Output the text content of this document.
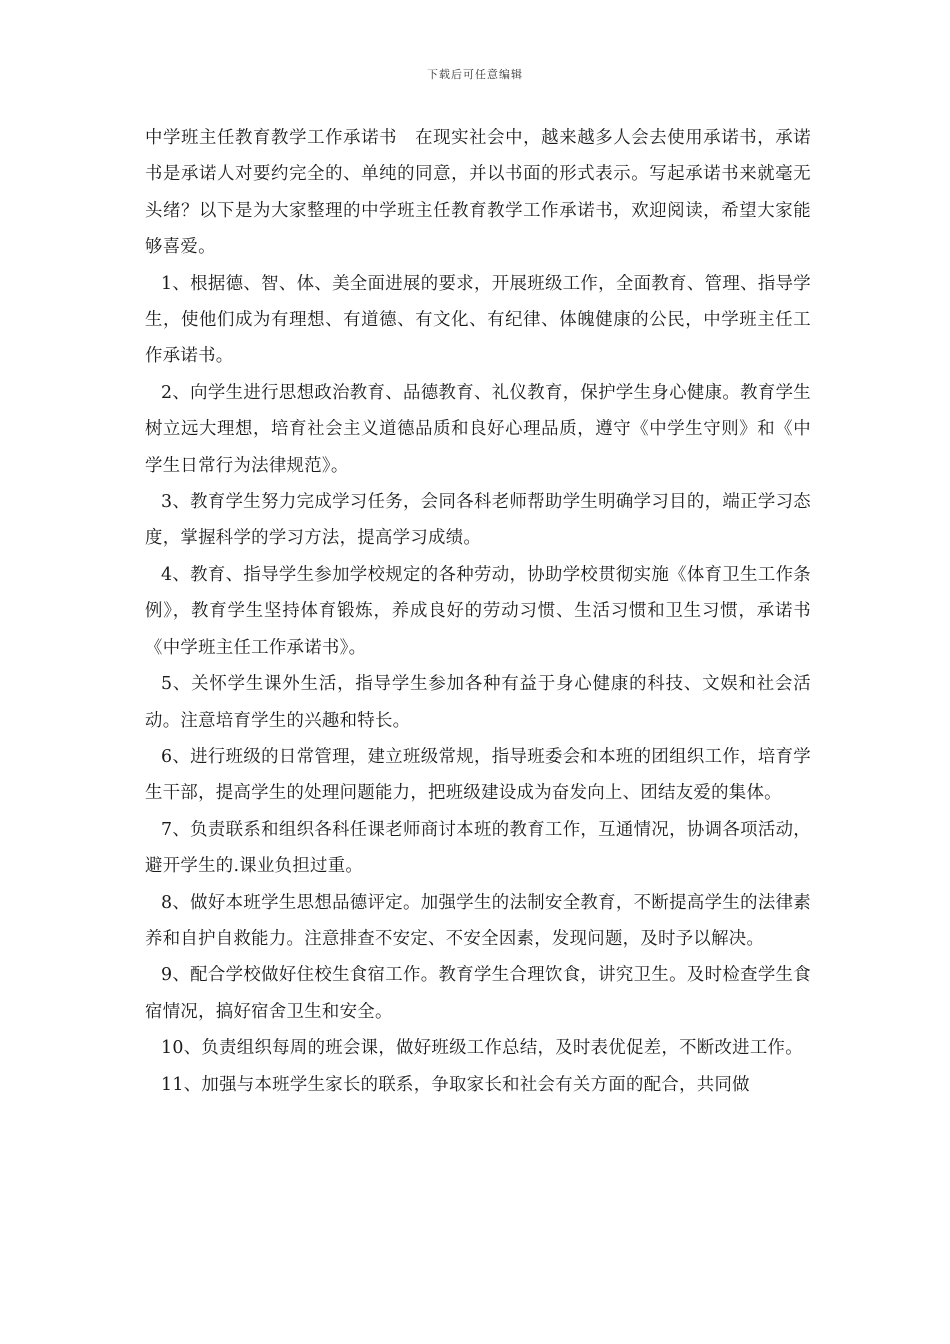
下载后可任意编辑

中学班主任教育教学工作承诺书　在现实社会中，越来越多人会去使用承诺书，承诺书是承诺人对要约完全的、单纯的同意，并以书面的形式表示。写起承诺书来就毫无头绪？以下是为大家整理的中学班主任教育教学工作承诺书，欢迎阅读，希望大家能够喜爱。

1、根据德、智、体、美全面进展的要求，开展班级工作，全面教育、管理、指导学生，使他们成为有理想、有道德、有文化、有纪律、体魄健康的公民，中学班主任工作承诺书。

2、向学生进行思想政治教育、品德教育、礼仪教育，保护学生身心健康。教育学生树立远大理想，培育社会主义道德品质和良好心理品质，遵守《中学生守则》和《中学生日常行为法律规范》。

3、教育学生努力完成学习任务，会同各科老师帮助学生明确学习目的，端正学习态度，掌握科学的学习方法，提高学习成绩。

4、教育、指导学生参加学校规定的各种劳动，协助学校贯彻实施《体育卫生工作条例》，教育学生坚持体育锻炼，养成良好的劳动习惯、生活习惯和卫生习惯，承诺书《中学班主任工作承诺书》。

5、关怀学生课外生活，指导学生参加各种有益于身心健康的科技、文娱和社会活动。注意培育学生的兴趣和特长。

6、进行班级的日常管理，建立班级常规，指导班委会和本班的团组织工作，培育学生干部，提高学生的处理问题能力，把班级建设成为奋发向上、团结友爱的集体。

7、负责联系和组织各科任课老师商讨本班的教育工作，互通情况，协调各项活动，避开学生的.课业负担过重。

8、做好本班学生思想品德评定。加强学生的法制安全教育，不断提高学生的法律素养和自护自救能力。注意排查不安定、不安全因素，发现问题，及时予以解决。

9、配合学校做好住校生食宿工作。教育学生合理饮食，讲究卫生。及时检查学生食宿情况，搞好宿舍卫生和安全。

10、负责组织每周的班会课，做好班级工作总结，及时表优促差，不断改进工作。

11、加强与本班学生家长的联系，争取家长和社会有关方面的配合，共同做
